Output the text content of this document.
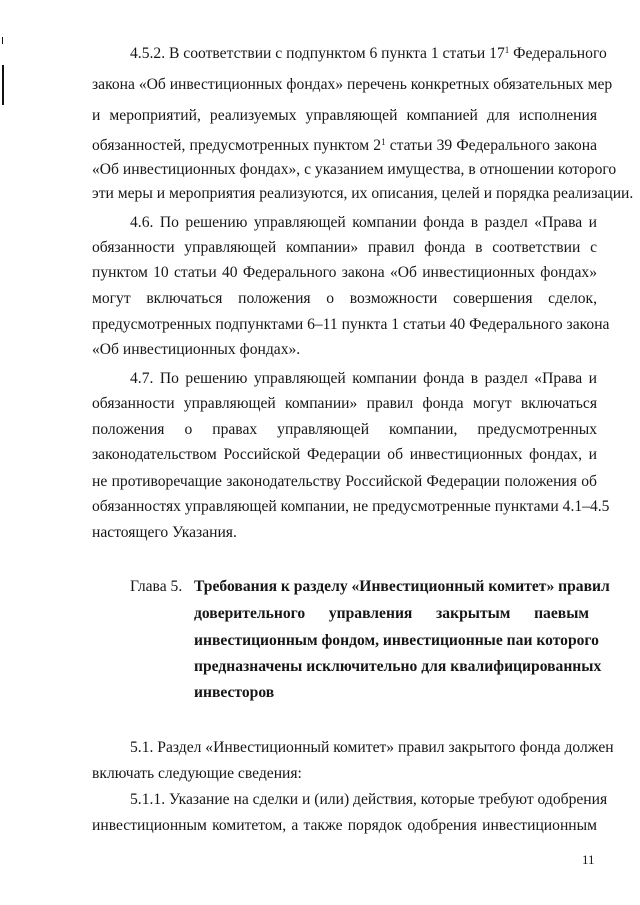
4.5.2. В соответствии с подпунктом 6 пункта 1 статьи $17^1$ Федерального
закона «Об инвестиционных фондах» перечень конкретных обязательных мер
и мероприятий, реализуемых управляющей компанией для исполнения
обязанностей, предусмотренных пунктом $2^1$ статьи 39 Федерального закона
«Об инвестиционных фондах», с указанием имущества, в отношении которого
эти меры и мероприятия реализуются, их описания, целей и порядка реализации.
4.6. По решению управляющей компании фонда в раздел «Права и
обязанности управляющей компании» правил фонда в соответствии с
пунктом 10 статьи 40 Федерального закона «Об инвестиционных фондах»
могут включаться положения о возможности совершения сделок,
предусмотренных подпунктами 6–11 пункта 1 статьи 40 Федерального закона
«Об инвестиционных фондах».
4.7. По решению управляющей компании фонда в раздел «Права и
обязанности управляющей компании» правил фонда могут включаться
положения о правах управляющей компании, предусмотренных
законодательством Российской Федерации об инвестиционных фондах, и
не противоречащие законодательству Российской Федерации положения об
обязанностях управляющей компании, не предусмотренные пунктами 4.1–4.5
настоящего Указания.
Глава 5. Требования к разделу «Инвестиционный комитет» правил
доверительного управления закрытым паевым
инвестиционным фондом, инвестиционные паи которого
предназначены исключительно для квалифицированных
инвесторов
5.1. Раздел «Инвестиционный комитет» правил закрытого фонда должен
включать следующие сведения:
5.1.1. Указание на сделки и (или) действия, которые требуют одобрения
инвестиционным комитетом, а также порядок одобрения инвестиционным
11
